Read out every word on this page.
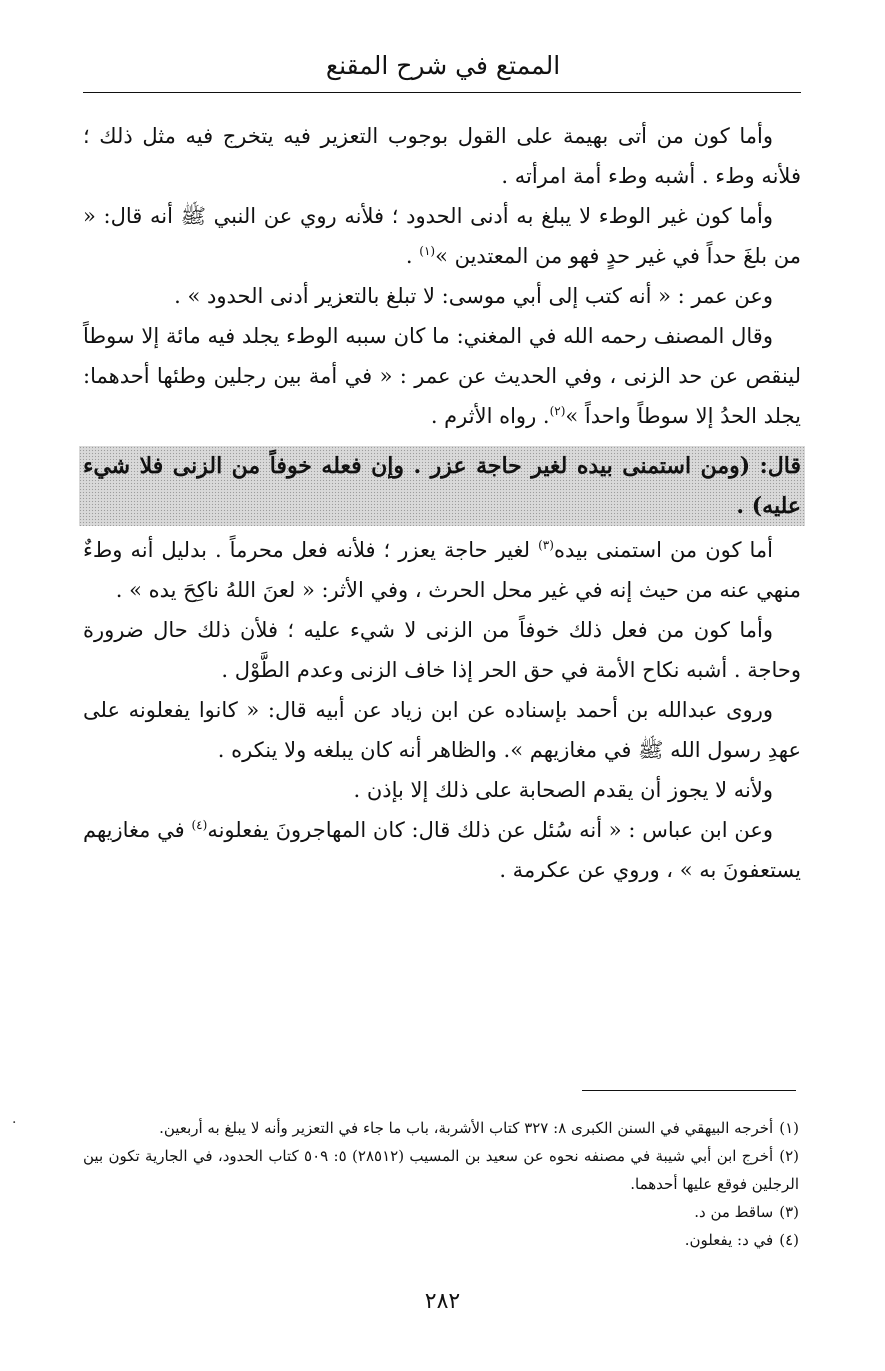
الممتع في شرح المقنع

وأما كون من أتى بهيمة على القول بوجوب التعزير فيه يتخرج فيه مثل ذلك ؛ فلأنه وطء . أشبه وطء أمة امرأته .

وأما كون غير الوطء لا يبلغ به أدنى الحدود ؛ فلأنه روي عن النبي ﷺ أنه قال: « من بلغَ حداً في غير حدٍ فهو من المعتدين »$^{(١)}$ .

وعن عمر : « أنه كتب إلى أبي موسى: لا تبلغ بالتعزير أدنى الحدود » .

وقال المصنف رحمه الله في المغني: ما كان سببه الوطء يجلد فيه مائة إلا سوطاً لينقص عن حد الزنى ، وفي الحديث عن عمر : « في أمة بين رجلين وطئها أحدهما: يجلد الحدُ إلا سوطاً واحداً »$^{(٢)}$. رواه الأثرم .

قال: (ومن استمنى بيده لغير حاجة عزر . وإن فعله خوفاً من الزنى فلا شيء عليه) .

أما كون من استمنى بيده$^{(٣)}$ لغير حاجة يعزر ؛ فلأنه فعل محرماً . بدليل أنه وطءٌ منهي عنه من حيث إنه في غير محل الحرث ، وفي الأثر: « لعنَ اللهُ ناكِحَ يده » .

وأما كون من فعل ذلك خوفاً من الزنى لا شيء عليه ؛ فلأن ذلك حال ضرورة وحاجة . أشبه نكاح الأمة في حق الحر إذا خاف الزنى وعدم الطَّوْل .

وروى عبدالله بن أحمد بإسناده عن ابن زياد عن أبيه قال: « كانوا يفعلونه على عهدِ رسول الله ﷺ في مغازيهم ». والظاهر أنه كان يبلغه ولا ينكره .

ولأنه لا يجوز أن يقدم الصحابة على ذلك إلا بإذن .

وعن ابن عباس : « أنه سُئل عن ذلك قال: كان المهاجرونَ يفعلونه$^{(٤)}$ في مغازيهم يستعفونَ به » ، وروي عن عكرمة .

(١)أخرجه البيهقي في السنن الكبرى ٨: ٣٢٧ كتاب الأشربة، باب ما جاء في التعزير وأنه لا يبلغ به أربعين.

(٢)أخرج ابن أبي شيبة في مصنفه نحوه عن سعيد بن المسيب (٢٨٥١٢) ٥: ٥٠٩ كتاب الحدود، في الجارية تكون بين الرجلين فوقع عليها أحدهما.

(٣)ساقط من د.

(٤)في د: يفعلون.

٢٨٢
·
